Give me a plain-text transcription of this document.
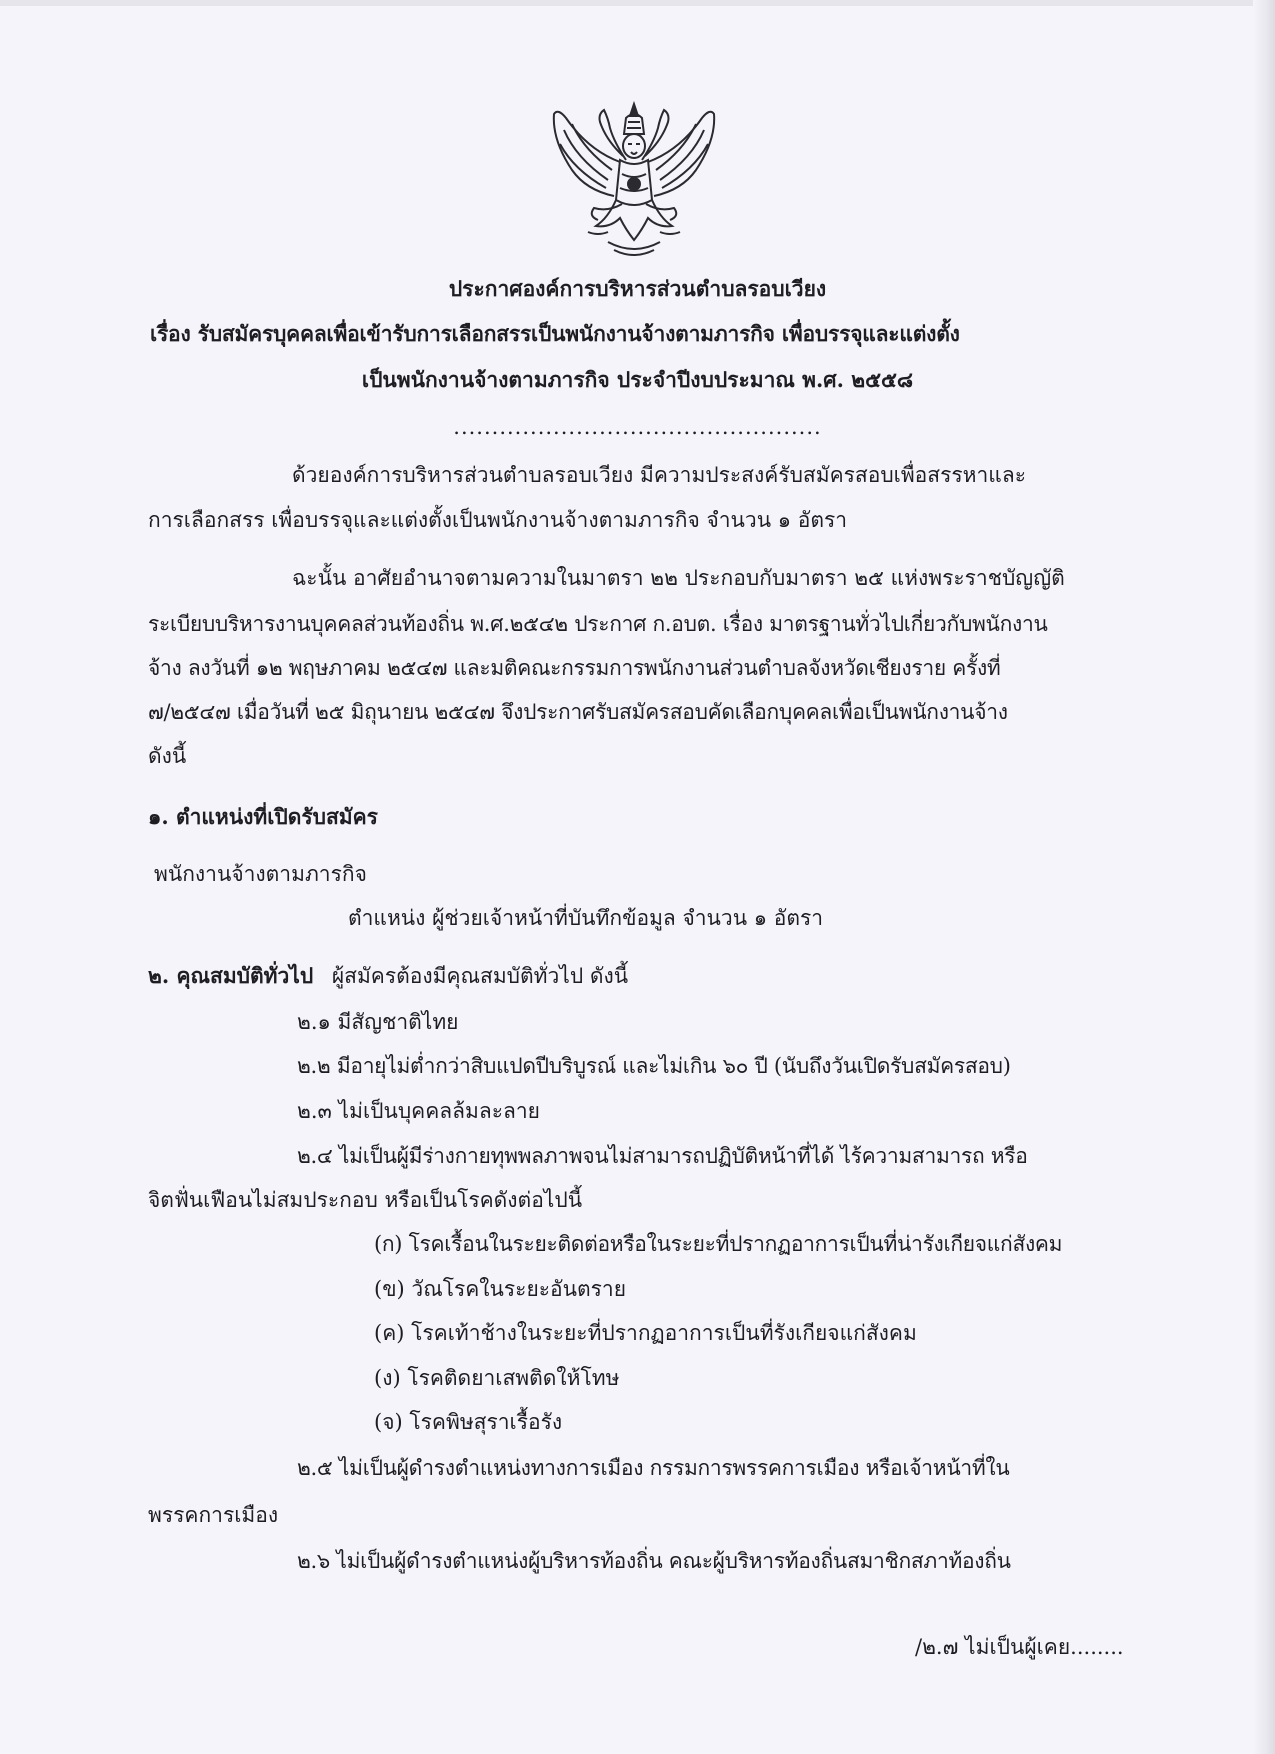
ประกาศองค์การบริหารส่วนตำบลรอบเวียง
เรื่อง รับสมัครบุคคลเพื่อเข้ารับการเลือกสรรเป็นพนักงานจ้างตามภารกิจ เพื่อบรรจุและแต่งตั้ง
เป็นพนักงานจ้างตามภารกิจ ประจำปีงบประมาณ พ.ศ. ๒๕๕๘
................................................
ด้วยองค์การบริหารส่วนตำบลรอบเวียง มีความประสงค์รับสมัครสอบเพื่อสรรหาและ
การเลือกสรร เพื่อบรรจุและแต่งตั้งเป็นพนักงานจ้างตามภารกิจ จำนวน ๑ อัตรา
ฉะนั้น อาศัยอำนาจตามความในมาตรา ๒๒ ประกอบกับมาตรา ๒๕ แห่งพระราชบัญญัติ
ระเบียบบริหารงานบุคคลส่วนท้องถิ่น พ.ศ.๒๕๔๒ ประกาศ ก.อบต. เรื่อง มาตรฐานทั่วไปเกี่ยวกับพนักงาน
จ้าง ลงวันที่ ๑๒ พฤษภาคม ๒๕๔๗ และมติคณะกรรมการพนักงานส่วนตำบลจังหวัดเชียงราย ครั้งที่
๗/๒๕๔๗ เมื่อวันที่ ๒๕ มิถุนายน ๒๕๔๗ จึงประกาศรับสมัครสอบคัดเลือกบุคคลเพื่อเป็นพนักงานจ้าง
ดังนี้
๑. ตำแหน่งที่เปิดรับสมัคร
พนักงานจ้างตามภารกิจ
ตำแหน่ง ผู้ช่วยเจ้าหน้าที่บันทึกข้อมูล จำนวน ๑ อัตรา
๒. คุณสมบัติทั่วไป ผู้สมัครต้องมีคุณสมบัติทั่วไป ดังนี้
๒.๑ มีสัญชาติไทย
๒.๒ มีอายุไม่ต่ำกว่าสิบแปดปีบริบูรณ์ และไม่เกิน ๖๐ ปี (นับถึงวันเปิดรับสมัครสอบ)
๒.๓ ไม่เป็นบุคคลล้มละลาย
๒.๔ ไม่เป็นผู้มีร่างกายทุพพลภาพจนไม่สามารถปฏิบัติหน้าที่ได้ ไร้ความสามารถ หรือ
จิตฟั่นเฟือนไม่สมประกอบ หรือเป็นโรคดังต่อไปนี้
(ก) โรคเรื้อนในระยะติดต่อหรือในระยะที่ปรากฏอาการเป็นที่น่ารังเกียจแก่สังคม
(ข) วัณโรคในระยะอันตราย
(ค) โรคเท้าช้างในระยะที่ปรากฏอาการเป็นที่รังเกียจแก่สังคม
(ง) โรคติดยาเสพติดให้โทษ
(จ) โรคพิษสุราเรื้อรัง
๒.๕ ไม่เป็นผู้ดำรงตำแหน่งทางการเมือง กรรมการพรรคการเมือง หรือเจ้าหน้าที่ใน
พรรคการเมือง
๒.๖ ไม่เป็นผู้ดำรงตำแหน่งผู้บริหารท้องถิ่น คณะผู้บริหารท้องถิ่นสมาชิกสภาท้องถิ่น
/๒.๗ ไม่เป็นผู้เคย........
